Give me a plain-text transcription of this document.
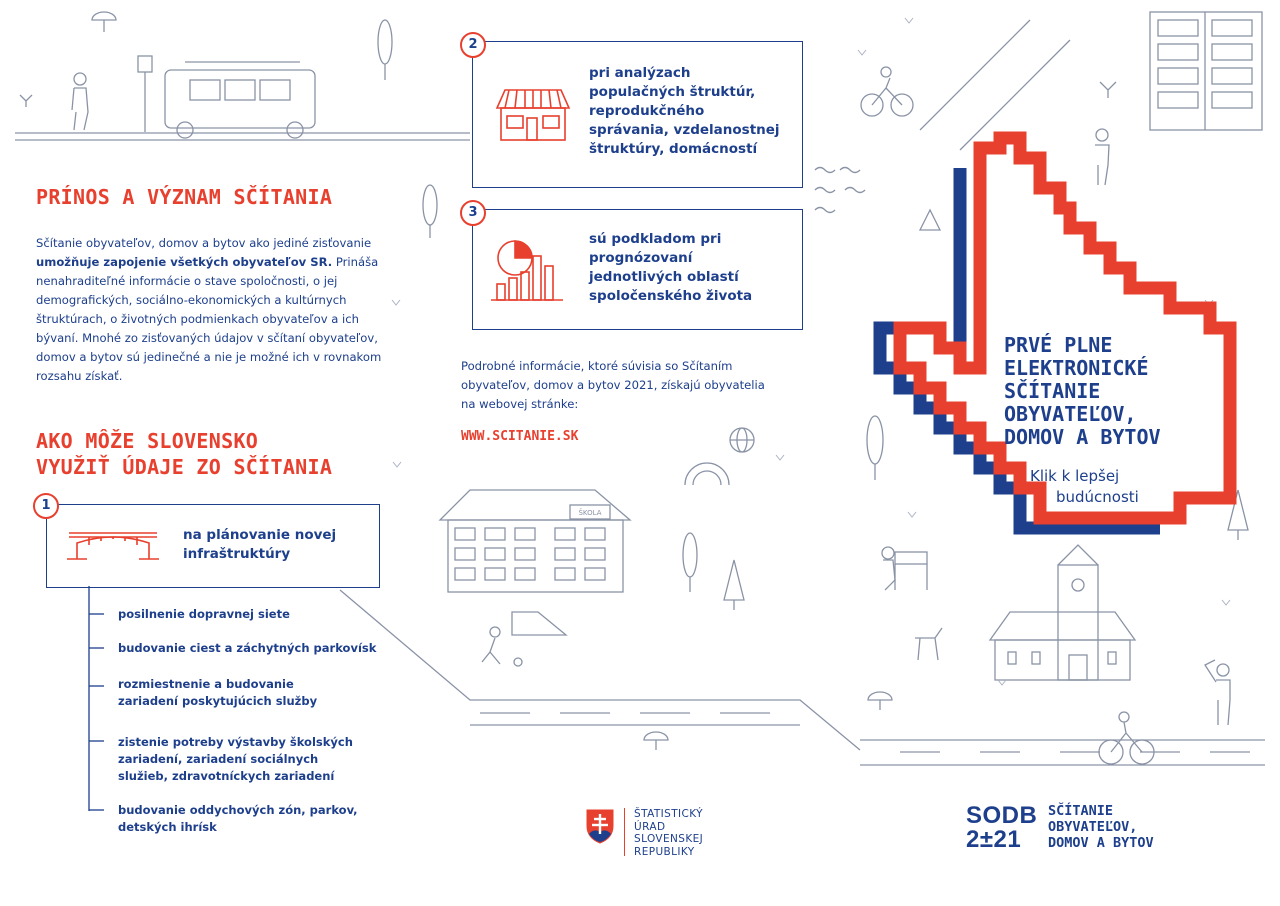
PRÍNOS A VÝZNAM SČÍTANIA
Sčítanie obyvateľov, domov a bytov ako jediné zisťovanie umožňuje zapojenie všetkých obyvateľov SR. Prináša nenahraditeľné informácie o stave spoločnosti, o jej demografických, sociálno-ekonomických a kultúrnych štruktúrach, o životných podmienkach obyvateľov a ich bývaní. Mnohé zo zisťovaných údajov v sčítaní obyvateľov, domov a bytov sú jedinečné a nie je možné ich v rovnakom rozsahu získať.
AKO MÔŽE SLOVENSKO
VYUŽIŤ ÚDAJE ZO SČÍTANIA
na plánovanie novej
infraštruktúry
1
posilnenie dopravnej siete
budovanie ciest a záchytných parkovísk
rozmiestnenie a budovanie zariadení poskytujúcich služby
zistenie potreby výstavby školských zariadení, zariadení sociálnych služieb, zdravotníckych zariadení
budovanie oddychových zón, parkov, detských ihrísk
pri analýzach
populačných štruktúr,
reprodukčného
správania, vzdelanostnej
štruktúry, domácností
2
sú podkladom pri
prognózovaní
jednotlivých oblastí
spoločenského života
3
Podrobné informácie, ktoré súvisia so Sčítaním obyvateľov, domov a bytov 2021, získajú obyvatelia na webovej stránke:
WWW.SCITANIE.SK
ŠKOLA
PRVÉ PLNE
ELEKTRONICKÉ
SČÍTANIE
OBYVATEĽOV,
DOMOV A BYTOV
Klik k lepšej
budúcnosti
ŠTATISTICKÝ
ÚRAD
SLOVENSKEJ
REPUBLIKY
SODB
2±21
SČÍTANIE
OBYVATEĽOV,
DOMOV A BYTOV
